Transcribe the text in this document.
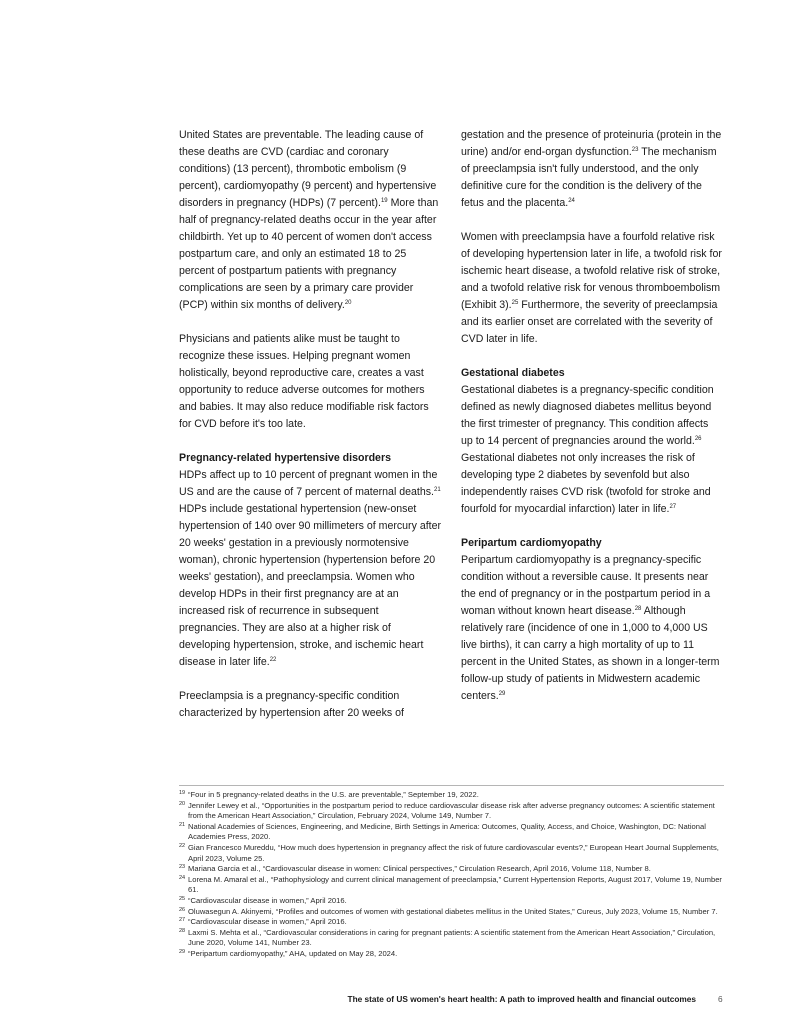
United States are preventable. The leading cause of these deaths are CVD (cardiac and coronary conditions) (13 percent), thrombotic embolism (9 percent), cardiomyopathy (9 percent) and hypertensive disorders in pregnancy (HDPs) (7 percent).$^{19}$ More than half of pregnancy-related deaths occur in the year after childbirth. Yet up to 40 percent of women don't access postpartum care, and only an estimated 18 to 25 percent of postpartum patients with pregnancy complications are seen by a primary care provider (PCP) within six months of delivery.$^{20}$

Physicians and patients alike must be taught to recognize these issues. Helping pregnant women holistically, beyond reproductive care, creates a vast opportunity to reduce adverse outcomes for mothers and babies. It may also reduce modifiable risk factors for CVD before it's too late.

Pregnancy-related hypertensive disorders

HDPs affect up to 10 percent of pregnant women in the US and are the cause of 7 percent of maternal deaths.$^{21}$ HDPs include gestational hypertension (new-onset hypertension of 140 over 90 millimeters of mercury after 20 weeks' gestation in a previously normotensive woman), chronic hypertension (hypertension before 20 weeks' gestation), and preeclampsia. Women who develop HDPs in their first pregnancy are at an increased risk of recurrence in subsequent pregnancies. They are also at a higher risk of developing hypertension, stroke, and ischemic heart disease in later life.$^{22}$

Preeclampsia is a pregnancy-specific condition characterized by hypertension after 20 weeks of

gestation and the presence of proteinuria (protein in the urine) and/or end-organ dysfunction.$^{23}$ The mechanism of preeclampsia isn't fully understood, and the only definitive cure for the condition is the delivery of the fetus and the placenta.$^{24}$

Women with preeclampsia have a fourfold relative risk of developing hypertension later in life, a twofold risk for ischemic heart disease, a twofold relative risk of stroke, and a twofold relative risk for venous thromboembolism (Exhibit 3).$^{25}$ Furthermore, the severity of preeclampsia and its earlier onset are correlated with the severity of CVD later in life.

Gestational diabetes

Gestational diabetes is a pregnancy-specific condition defined as newly diagnosed diabetes mellitus beyond the first trimester of pregnancy. This condition affects up to 14 percent of pregnancies around the world.$^{26}$ Gestational diabetes not only increases the risk of developing type 2 diabetes by sevenfold but also independently raises CVD risk (twofold for stroke and fourfold for myocardial infarction) later in life.$^{27}$

Peripartum cardiomyopathy

Peripartum cardiomyopathy is a pregnancy-specific condition without a reversible cause. It presents near the end of pregnancy or in the postpartum period in a woman without known heart disease.$^{28}$ Although relatively rare (incidence of one in 1,000 to 4,000 US live births), it can carry a high mortality of up to 11 percent in the United States, as shown in a longer-term follow-up study of patients in Midwestern academic centers.$^{29}$

19 “Four in 5 pregnancy-related deaths in the U.S. are preventable,” September 19, 2022.
20 Jennifer Lewey et al., “Opportunities in the postpartum period to reduce cardiovascular disease risk after adverse pregnancy outcomes: A scientific statement from the American Heart Association,” Circulation, February 2024, Volume 149, Number 7.
21 National Academies of Sciences, Engineering, and Medicine, Birth Settings in America: Outcomes, Quality, Access, and Choice, Washington, DC: National Academies Press, 2020.
22 Gian Francesco Mureddu, “How much does hypertension in pregnancy affect the risk of future cardiovascular events?,” European Heart Journal Supplements, April 2023, Volume 25.
23 Mariana Garcia et al., “Cardiovascular disease in women: Clinical perspectives,” Circulation Research, April 2016, Volume 118, Number 8.
24 Lorena M. Amaral et al., “Pathophysiology and current clinical management of preeclampsia,” Current Hypertension Reports, August 2017, Volume 19, Number 61.
25 “Cardiovascular disease in women,” April 2016.
26 Oluwasegun A. Akinyemi, “Profiles and outcomes of women with gestational diabetes mellitus in the United States,” Cureus, July 2023, Volume 15, Number 7.
27 “Cardiovascular disease in women,” April 2016.
28 Laxmi S. Mehta et al., “Cardiovascular considerations in caring for pregnant patients: A scientific statement from the American Heart Association,” Circulation, June 2020, Volume 141, Number 23.
29 “Peripartum cardiomyopathy,” AHA, updated on May 28, 2024.
The state of US women's heart health: A path to improved health and financial outcomes	6
